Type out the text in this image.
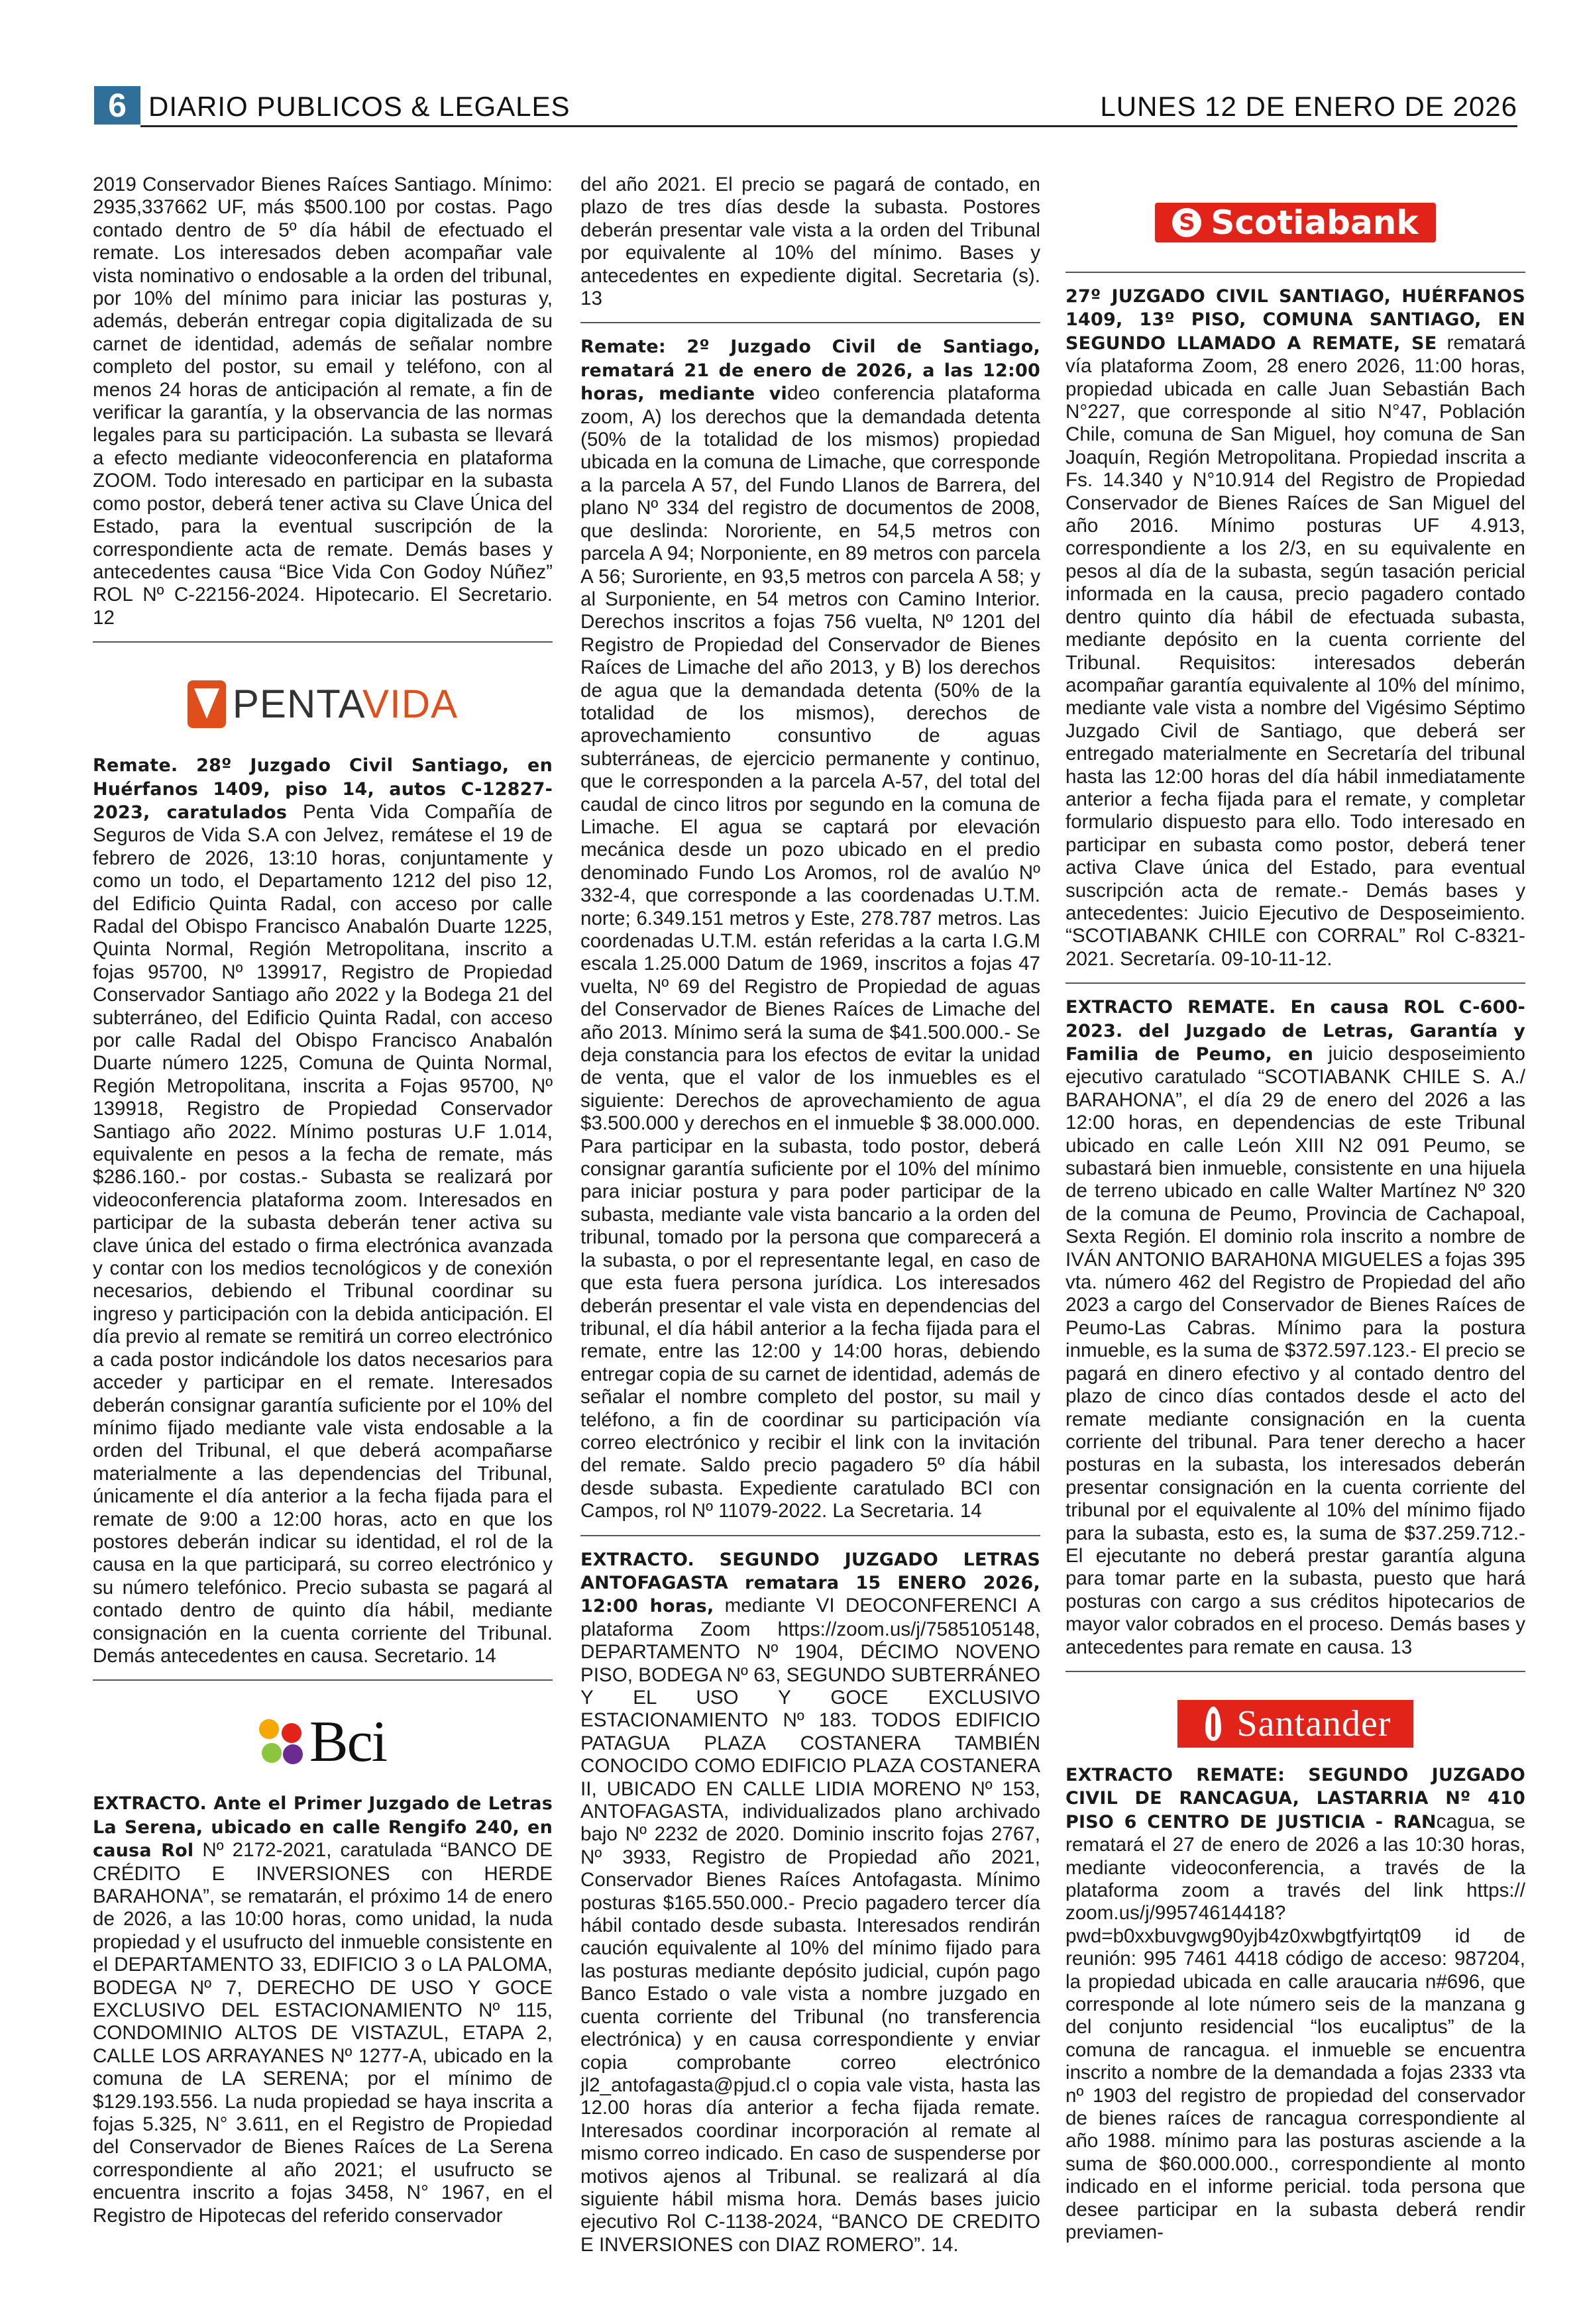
6 DIARIO PUBLICOS & LEGALES	LUNES 12 DE ENERO DE 2026

2019 Conservador Bienes Raíces Santiago. Mínimo: 2935,337662 UF, más $500.100 por costas. Pago contado dentro de 5º día hábil de efectuado el remate. Los interesados deben acompañar vale vista nominativo o endosable a la orden del tribunal, por 10% del mínimo para iniciar las posturas y, además, deberán entregar copia digitalizada de su carnet de identidad, además de señalar nombre completo del postor, su email y teléfono, con al menos 24 horas de anticipación al remate, a fin de verificar la garantía, y la observancia de las normas legales para su participación. La subasta se llevará a efecto mediante videoconferencia en plataforma ZOOM. Todo interesado en participar en la subasta como postor, deberá tener activa su Clave Única del Estado, para la eventual suscripción de la correspondiente acta de remate. Demás bases y antecedentes causa “Bice Vida Con Godoy Núñez” ROL Nº C-22156-2024. Hipotecario. El Secretario. 12

PENTAVIDA

Remate. 28º Juzgado Civil Santiago, en Huérfanos 1409, piso 14, autos C-12827-2023, caratulados Penta Vida Compañía de Seguros de Vida S.A con Jelvez, remátese el 19 de febrero de 2026, 13:10 horas, conjuntamente y como un todo, el Departamento 1212 del piso 12, del Edificio Quinta Radal, con acceso por calle Radal del Obispo Francisco Anabalón Duarte 1225, Quinta Normal, Región Metropolitana, inscrito a fojas 95700, Nº 139917, Registro de Propiedad Conservador Santiago año 2022 y la Bodega 21 del subterráneo, del Edificio Quinta Radal, con acceso por calle Radal del Obispo Francisco Anabalón Duarte número 1225, Comuna de Quinta Normal, Región Metropolitana, inscrita a Fojas 95700, Nº 139918, Registro de Propiedad Conservador Santiago año 2022. Mínimo posturas U.F 1.014, equivalente en pesos a la fecha de remate, más $286.160.- por costas.- Subasta se realizará por videoconferencia plataforma zoom. Interesados en participar de la subasta deberán tener activa su clave única del estado o firma electrónica avanzada y contar con los medios tecnológicos y de conexión necesarios, debiendo el Tribunal coordinar su ingreso y participación con la debida anticipación. El día previo al remate se remitirá un correo electrónico a cada postor indicándole los datos necesarios para acceder y participar en el remate. Interesados deberán consignar garantía suficiente por el 10% del mínimo fijado mediante vale vista endosable a la orden del Tribunal, el que deberá acompañarse materialmente a las dependencias del Tribunal, únicamente el día anterior a la fecha fijada para el remate de 9:00 a 12:00 horas, acto en que los postores deberán indicar su identidad, el rol de la causa en la que participará, su correo electrónico y su número telefónico. Precio subasta se pagará al contado dentro de quinto día hábil, mediante consignación en la cuenta corriente del Tribunal. Demás antecedentes en causa. Secretario. 14

Bci

EXTRACTO. Ante el Primer Juzgado de Letras La Serena, ubicado en calle Rengifo 240, en causa Rol Nº 2172-2021, caratulada “BANCO DE CRÉDITO E INVERSIONES con HERDE BARAHONA”, se rematarán, el próximo 14 de enero de 2026, a las 10:00 horas, como unidad, la nuda propiedad y el usufructo del inmueble consistente en el DEPARTAMENTO 33, EDIFICIO 3 o LA PALOMA, BODEGA Nº 7, DERECHO DE USO Y GOCE EXCLUSIVO DEL ESTACIONAMIENTO Nº 115, CONDOMINIO ALTOS DE VISTAZUL, ETAPA 2, CALLE LOS ARRAYANES Nº 1277-A, ubicado en la comuna de LA SERENA; por el mínimo de $129.193.556. La nuda propiedad se haya inscrita a fojas 5.325, N° 3.611, en el Registro de Propiedad del Conservador de Bienes Raíces de La Serena correspondiente al año 2021; el usufructo se encuentra inscrito a fojas 3458, N° 1967, en el Registro de Hipotecas del referido conservador

del año 2021. El precio se pagará de contado, en plazo de tres días desde la subasta. Postores deberán presentar vale vista a la orden del Tribunal por equivalente al 10% del mínimo. Bases y antecedentes en expediente digital. Secretaria (s). 13

Remate: 2º Juzgado Civil de Santiago, rematará 21 de enero de 2026, a las 12:00 horas, mediante video conferencia plataforma zoom, A) los derechos que la demandada detenta (50% de la totalidad de los mismos) propiedad ubicada en la comuna de Limache, que corresponde a la parcela A 57, del Fundo Llanos de Barrera, del plano Nº 334 del registro de documentos de 2008, que deslinda: Nororiente, en 54,5 metros con parcela A 94; Norponiente, en 89 metros con parcela A 56; Suroriente, en 93,5 metros con parcela A 58; y al Surponiente, en 54 metros con Camino Interior. Derechos inscritos a fojas 756 vuelta, Nº 1201 del Registro de Propiedad del Conservador de Bienes Raíces de Limache del año 2013, y B) los derechos de agua que la demandada detenta (50% de la totalidad de los mismos), derechos de aprovechamiento consuntivo de aguas subterráneas, de ejercicio permanente y continuo, que le corresponden a la parcela A-57, del total del caudal de cinco litros por segundo en la comuna de Limache. El agua se captará por elevación mecánica desde un pozo ubicado en el predio denominado Fundo Los Aromos, rol de avalúo Nº 332-4, que corresponde a las coordenadas U.T.M. norte; 6.349.151 metros y Este, 278.787 metros. Las coordenadas U.T.M. están referidas a la carta I.G.M escala 1.25.000 Datum de 1969, inscritos a fojas 47 vuelta, Nº 69 del Registro de Propiedad de aguas del Conservador de Bienes Raíces de Limache del año 2013. Mínimo será la suma de $41.500.000.- Se deja constancia para los efectos de evitar la unidad de venta, que el valor de los inmuebles es el siguiente: Derechos de aprovechamiento de agua $3.500.000 y derechos en el inmueble $ 38.000.000. Para participar en la subasta, todo postor, deberá consignar garantía suficiente por el 10% del mínimo para iniciar postura y para poder participar de la subasta, mediante vale vista bancario a la orden del tribunal, tomado por la persona que comparecerá a la subasta, o por el representante legal, en caso de que esta fuera persona jurídica. Los interesados deberán presentar el vale vista en dependencias del tribunal, el día hábil anterior a la fecha fijada para el remate, entre las 12:00 y 14:00 horas, debiendo entregar copia de su carnet de identidad, además de señalar el nombre completo del postor, su mail y teléfono, a fin de coordinar su participación vía correo electrónico y recibir el link con la invitación del remate. Saldo precio pagadero 5º día hábil desde subasta. Expediente caratulado BCI con Campos, rol Nº 11079-2022. La Secretaria. 14

EXTRACTO. SEGUNDO JUZGADO LETRAS ANTOFAGASTA rematara 15 ENERO 2026, 12:00 horas, mediante VI DEOCONFERENCI A plataforma Zoom https://zoom.us/j/7585105148, DEPARTAMENTO Nº 1904, DÉCIMO NOVENO PISO, BODEGA Nº 63, SEGUNDO SUBTERRÁNEO Y EL USO Y GOCE EXCLUSIVO ESTACIONAMIENTO Nº 183. TODOS EDIFICIO PATAGUA PLAZA COSTANERA TAMBIÉN CONOCIDO COMO EDIFICIO PLAZA COSTANERA II, UBICADO EN CALLE LIDIA MORENO Nº 153, ANTOFAGASTA, individualizados plano archivado bajo Nº 2232 de 2020. Dominio inscrito fojas 2767, Nº 3933, Registro de Propiedad año 2021, Conservador Bienes Raíces Antofagasta. Mínimo posturas $165.550.000.- Precio pagadero tercer día hábil contado desde subasta. Interesados rendirán caución equivalente al 10% del mínimo fijado para las posturas mediante depósito judicial, cupón pago Banco Estado o vale vista a nombre juzgado en cuenta corriente del Tribunal (no transferencia electrónica) y en causa correspondiente y enviar copia comprobante correo electrónico jl2_antofagasta@pjud.cl o copia vale vista, hasta las 12.00 horas día anterior a fecha fijada remate. Interesados coordinar incorporación al remate al mismo correo indicado. En caso de suspenderse por motivos ajenos al Tribunal. se realizará al día siguiente hábil misma hora. Demás bases juicio ejecutivo Rol C-1138-2024, “BANCO DE CREDITO E INVERSIONES con DIAZ ROMERO”. 14.

S Scotiabank

27º JUZGADO CIVIL SANTIAGO, HUÉRFANOS 1409, 13º PISO, COMUNA SANTIAGO, EN SEGUNDO LLAMADO A REMATE, SE rematará vía plataforma Zoom, 28 enero 2026, 11:00 horas, propiedad ubicada en calle Juan Sebastián Bach N°227, que corresponde al sitio N°47, Población Chile, comuna de San Miguel, hoy comuna de San Joaquín, Región Metropolitana. Propiedad inscrita a Fs. 14.340 y N°10.914 del Registro de Propiedad Conservador de Bienes Raíces de San Miguel del año 2016. Mínimo posturas UF 4.913, correspondiente a los 2/3, en su equivalente en pesos al día de la subasta, según tasación pericial informada en la causa, precio pagadero contado dentro quinto día hábil de efectuada subasta, mediante depósito en la cuenta corriente del Tribunal. Requisitos: interesados deberán acompañar garantía equivalente al 10% del mínimo, mediante vale vista a nombre del Vigésimo Séptimo Juzgado Civil de Santiago, que deberá ser entregado materialmente en Secretaría del tribunal hasta las 12:00 horas del día hábil inmediatamente anterior a fecha fijada para el remate, y completar formulario dispuesto para ello. Todo interesado en participar en subasta como postor, deberá tener activa Clave única del Estado, para eventual suscripción acta de remate.- Demás bases y antecedentes: Juicio Ejecutivo de Desposeimiento. “SCOTIABANK CHILE con CORRAL” Rol C-8321-2021. Secretaría. 09-10-11-12.

EXTRACTO REMATE. En causa ROL C-600-2023. del Juzgado de Letras, Garantía y Familia de Peumo, en juicio desposeimiento ejecutivo caratulado “SCOTIABANK CHILE S. A./ BARAHONA”, el día 29 de enero del 2026 a las 12:00 horas, en dependencias de este Tribunal ubicado en calle León XIII N2 091 Peumo, se subastará bien inmueble, consistente en una hijuela de terreno ubicado en calle Walter Martínez Nº 320 de la comuna de Peumo, Provincia de Cachapoal, Sexta Región. El dominio rola inscrito a nombre de IVÁN ANTONIO BARAH0NA MIGUELES a fojas 395 vta. número 462 del Registro de Propiedad del año 2023 a cargo del Conservador de Bienes Raíces de Peumo-Las Cabras. Mínimo para la postura inmueble, es la suma de $372.597.123.- El precio se pagará en dinero efectivo y al contado dentro del plazo de cinco días contados desde el acto del remate mediante consignación en la cuenta corriente del tribunal. Para tener derecho a hacer posturas en la subasta, los interesados deberán presentar consignación en la cuenta corriente del tribunal por el equivalente al 10% del mínimo fijado para la subasta, esto es, la suma de $37.259.712.- El ejecutante no deberá prestar garantía alguna para tomar parte en la subasta, puesto que hará posturas con cargo a sus créditos hipotecarios de mayor valor cobrados en el proceso. Demás bases y antecedentes para remate en causa. 13

Santander

EXTRACTO REMATE: SEGUNDO JUZGADO CIVIL DE RANCAGUA, LASTARRIA Nº 410 PISO 6 CENTRO DE JUSTICIA - RANcagua, se rematará el 27 de enero de 2026 a las 10:30 horas, mediante videoconferencia, a través de la plataforma zoom a través del link https:// zoom.us/j/99574614418?pwd=b0xxbuvgwg90yjb4z0xwbgtfyirtqt09 id de reunión: 995 7461 4418 código de acceso: 987204, la propiedad ubicada en calle araucaria n#696, que corresponde al lote número seis de la manzana g del conjunto residencial “los eucaliptus” de la comuna de rancagua. el inmueble se encuentra inscrito a nombre de la demandada a fojas 2333 vta nº 1903 del registro de propiedad del conservador de bienes raíces de rancagua correspondiente al año 1988. mínimo para las posturas asciende a la suma de $60.000.000., correspondiente al monto indicado en el informe pericial. toda persona que desee participar en la subasta deberá rendir previamen-
